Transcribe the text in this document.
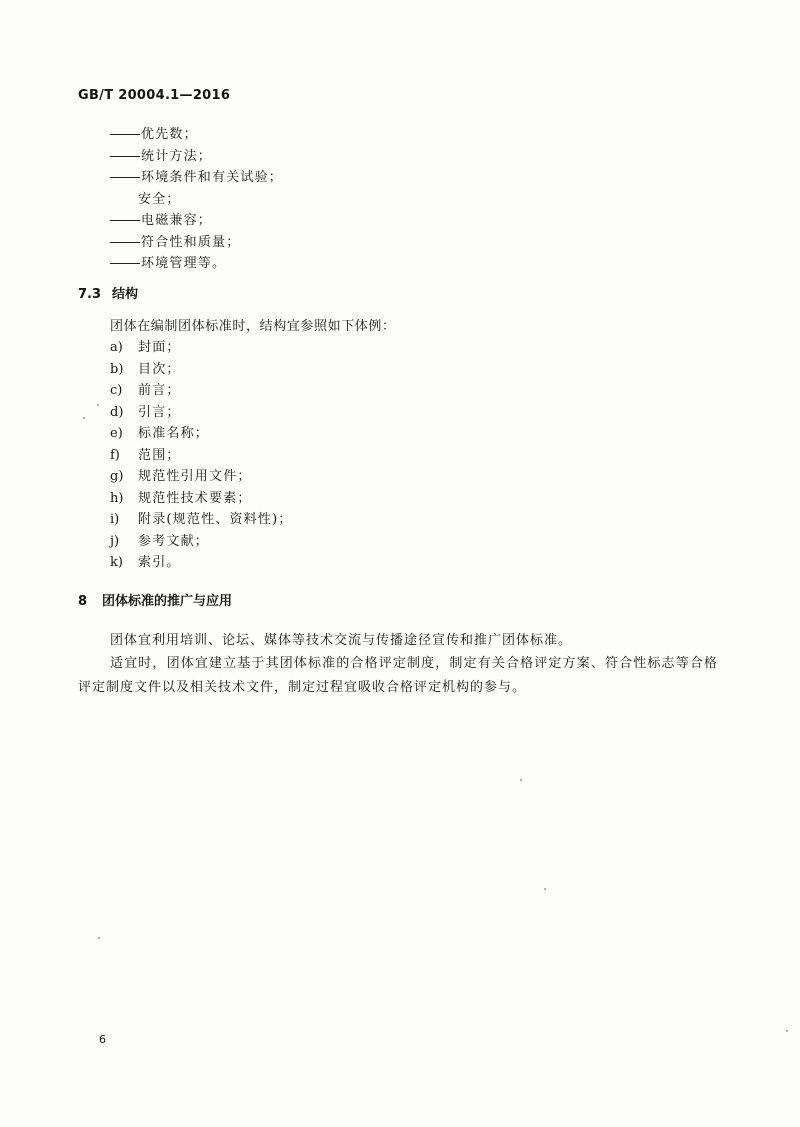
GB/T 20004.1—2016
优先数；
统计方法；
环境条件和有关试验；
安全；
电磁兼容；
符合性和质量；
环境管理等。
7.3 结构
团体在编制团体标准时，结构宜参照如下体例：
a) 封面；
b) 目次；
c) 前言；
d) 引言；
e) 标准名称；
f) 范围；
g) 规范性引用文件；
h) 规范性技术要素；
i) 附录(规范性、资料性)；
j) 参考文献；
k) 索引。
8 团体标准的推广与应用

团体宜利用培训、论坛、媒体等技术交流与传播途径宣传和推广团体标准。

适宜时，团体宜建立基于其团体标准的合格评定制度，制定有关合格评定方案、符合性标志等合格评定制度文件以及相关技术文件，制定过程宜吸收合格评定机构的参与。

6
